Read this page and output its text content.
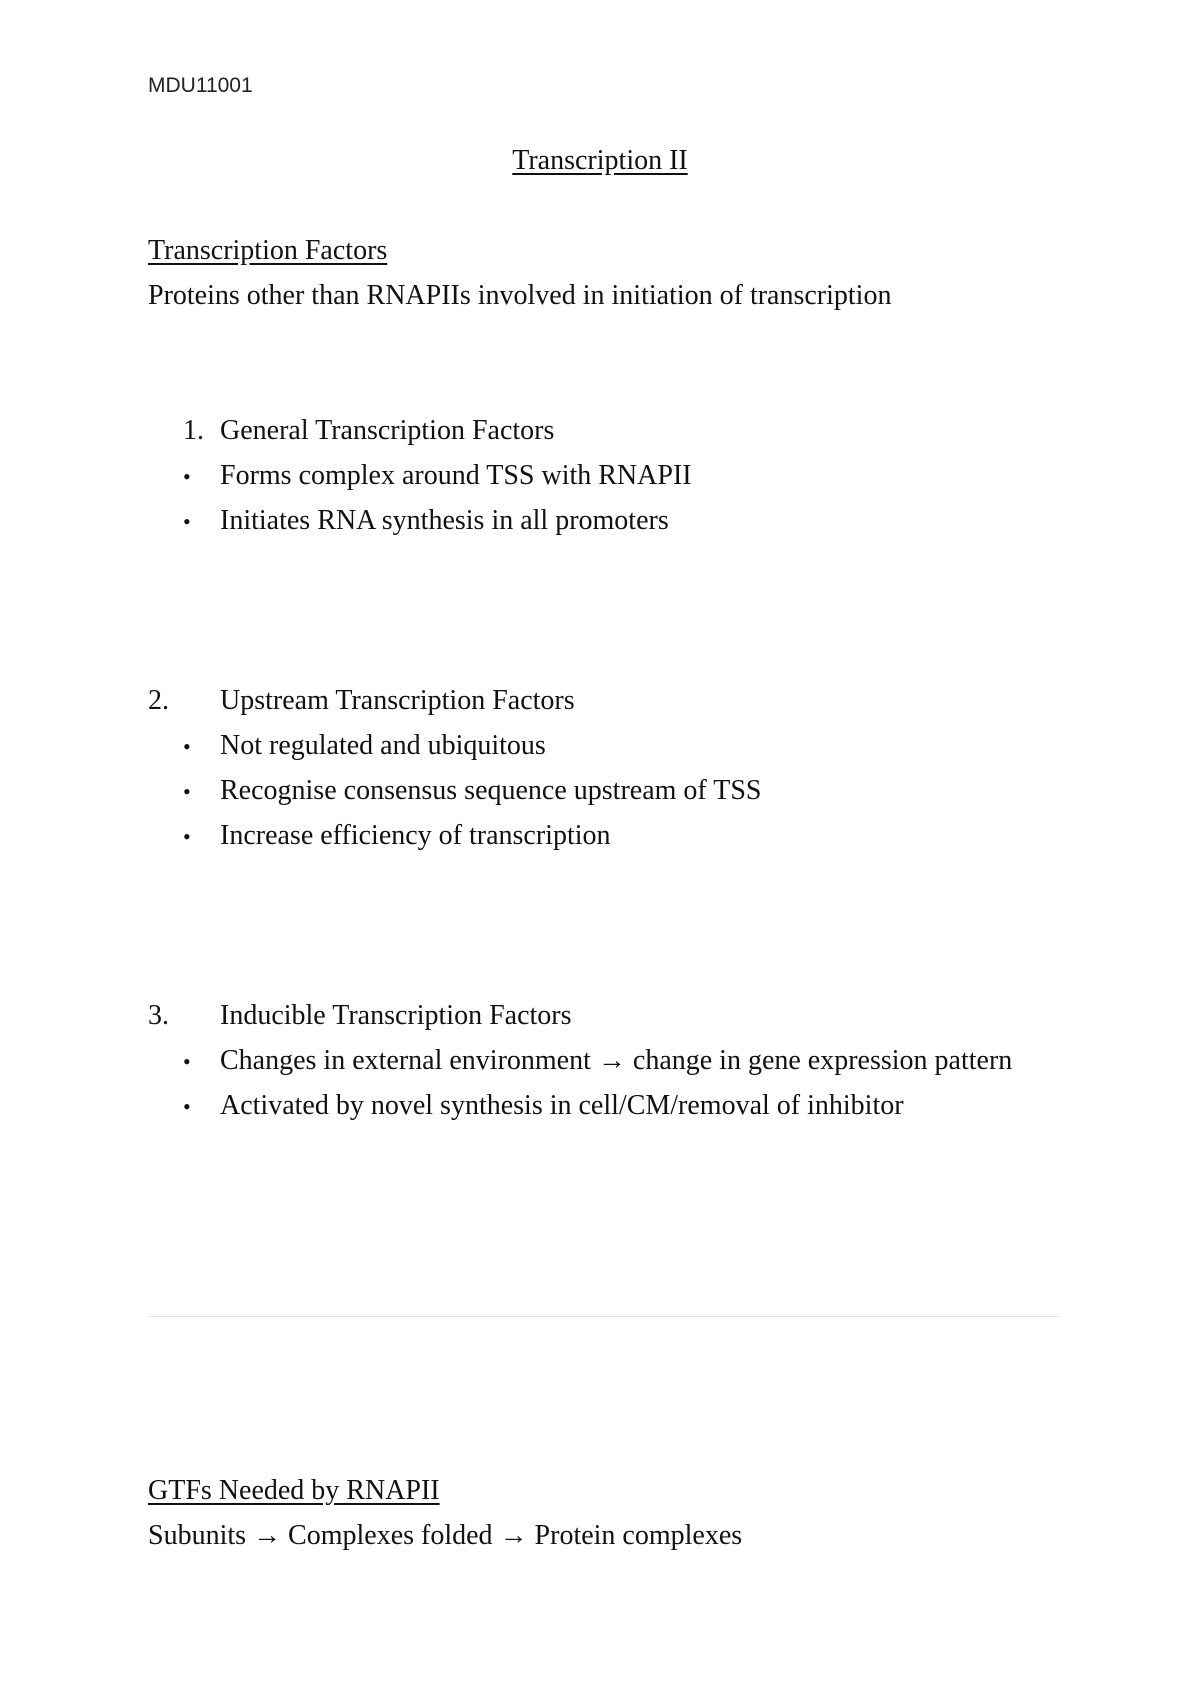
MDU11001

Transcription II
Transcription Factors

Proteins other than RNAPIIs involved in initiation of transcription

1. General Transcription Factors
• Forms complex around TSS with RNAPII
• Initiates RNA synthesis in all promoters
2. Upstream Transcription Factors
• Not regulated and ubiquitous
• Recognise consensus sequence upstream of TSS
• Increase efficiency of transcription
3. Inducible Transcription Factors
• Changes in external environment → change in gene expression pattern
• Activated by novel synthesis in cell/CM/removal of inhibitor
GTFs Needed by RNAPII

Subunits → Complexes folded → Protein complexes
